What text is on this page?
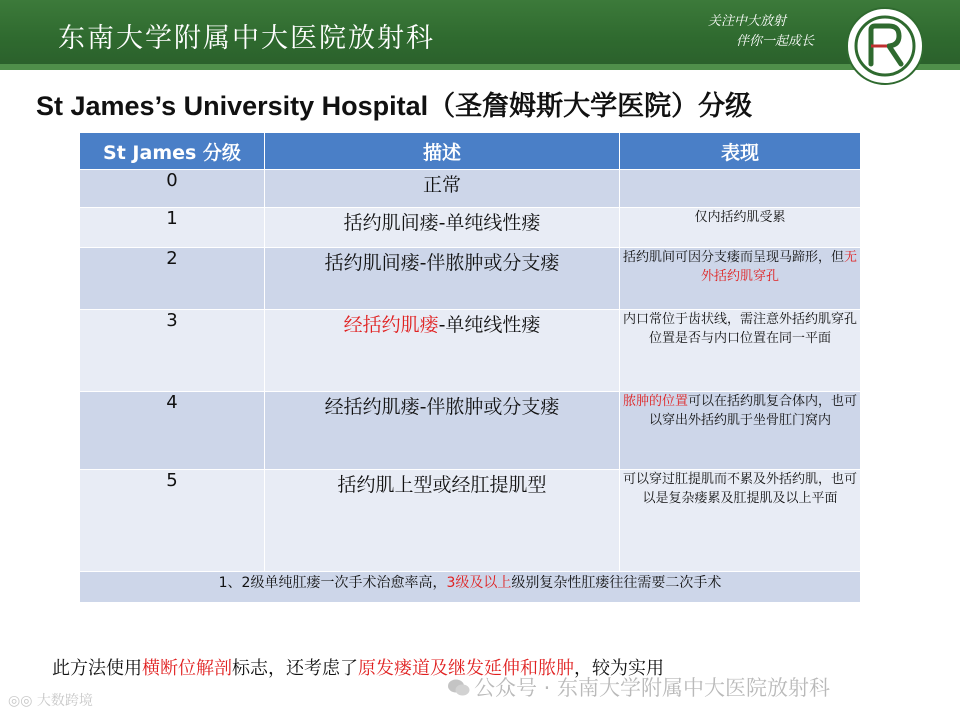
东南大学附属中大医院放射科
关注中大放射
伴你一起成长
St James’s University Hospital（圣詹姆斯大学医院）分级
St James 分级	描述	表现
0	正常	
1	括约肌间瘘-单纯线性瘘	仅内括约肌受累
2	括约肌间瘘-伴脓肿或分支瘘	括约肌间可因分支瘘而呈现马蹄形，但无外括约肌穿孔
3	经括约肌瘘-单纯线性瘘	内口常位于齿状线，需注意外括约肌穿孔位置是否与内口位置在同一平面
4	经括约肌瘘-伴脓肿或分支瘘	脓肿的位置可以在括约肌复合体内，也可以穿出外括约肌于坐骨肛门窝内
5	括约肌上型或经肛提肌型	可以穿过肛提肌而不累及外括约肌，也可以是复杂瘘累及肛提肌及以上平面
1、2级单纯肛瘘一次手术治愈率高，3级及以上级别复杂性肛瘘往往需要二次手术		
此方法使用横断位解剖标志，还考虑了原发瘘道及继发延伸和脓肿，较为实用
◎◎ 大数跨境
公众号 · 东南大学附属中大医院放射科
